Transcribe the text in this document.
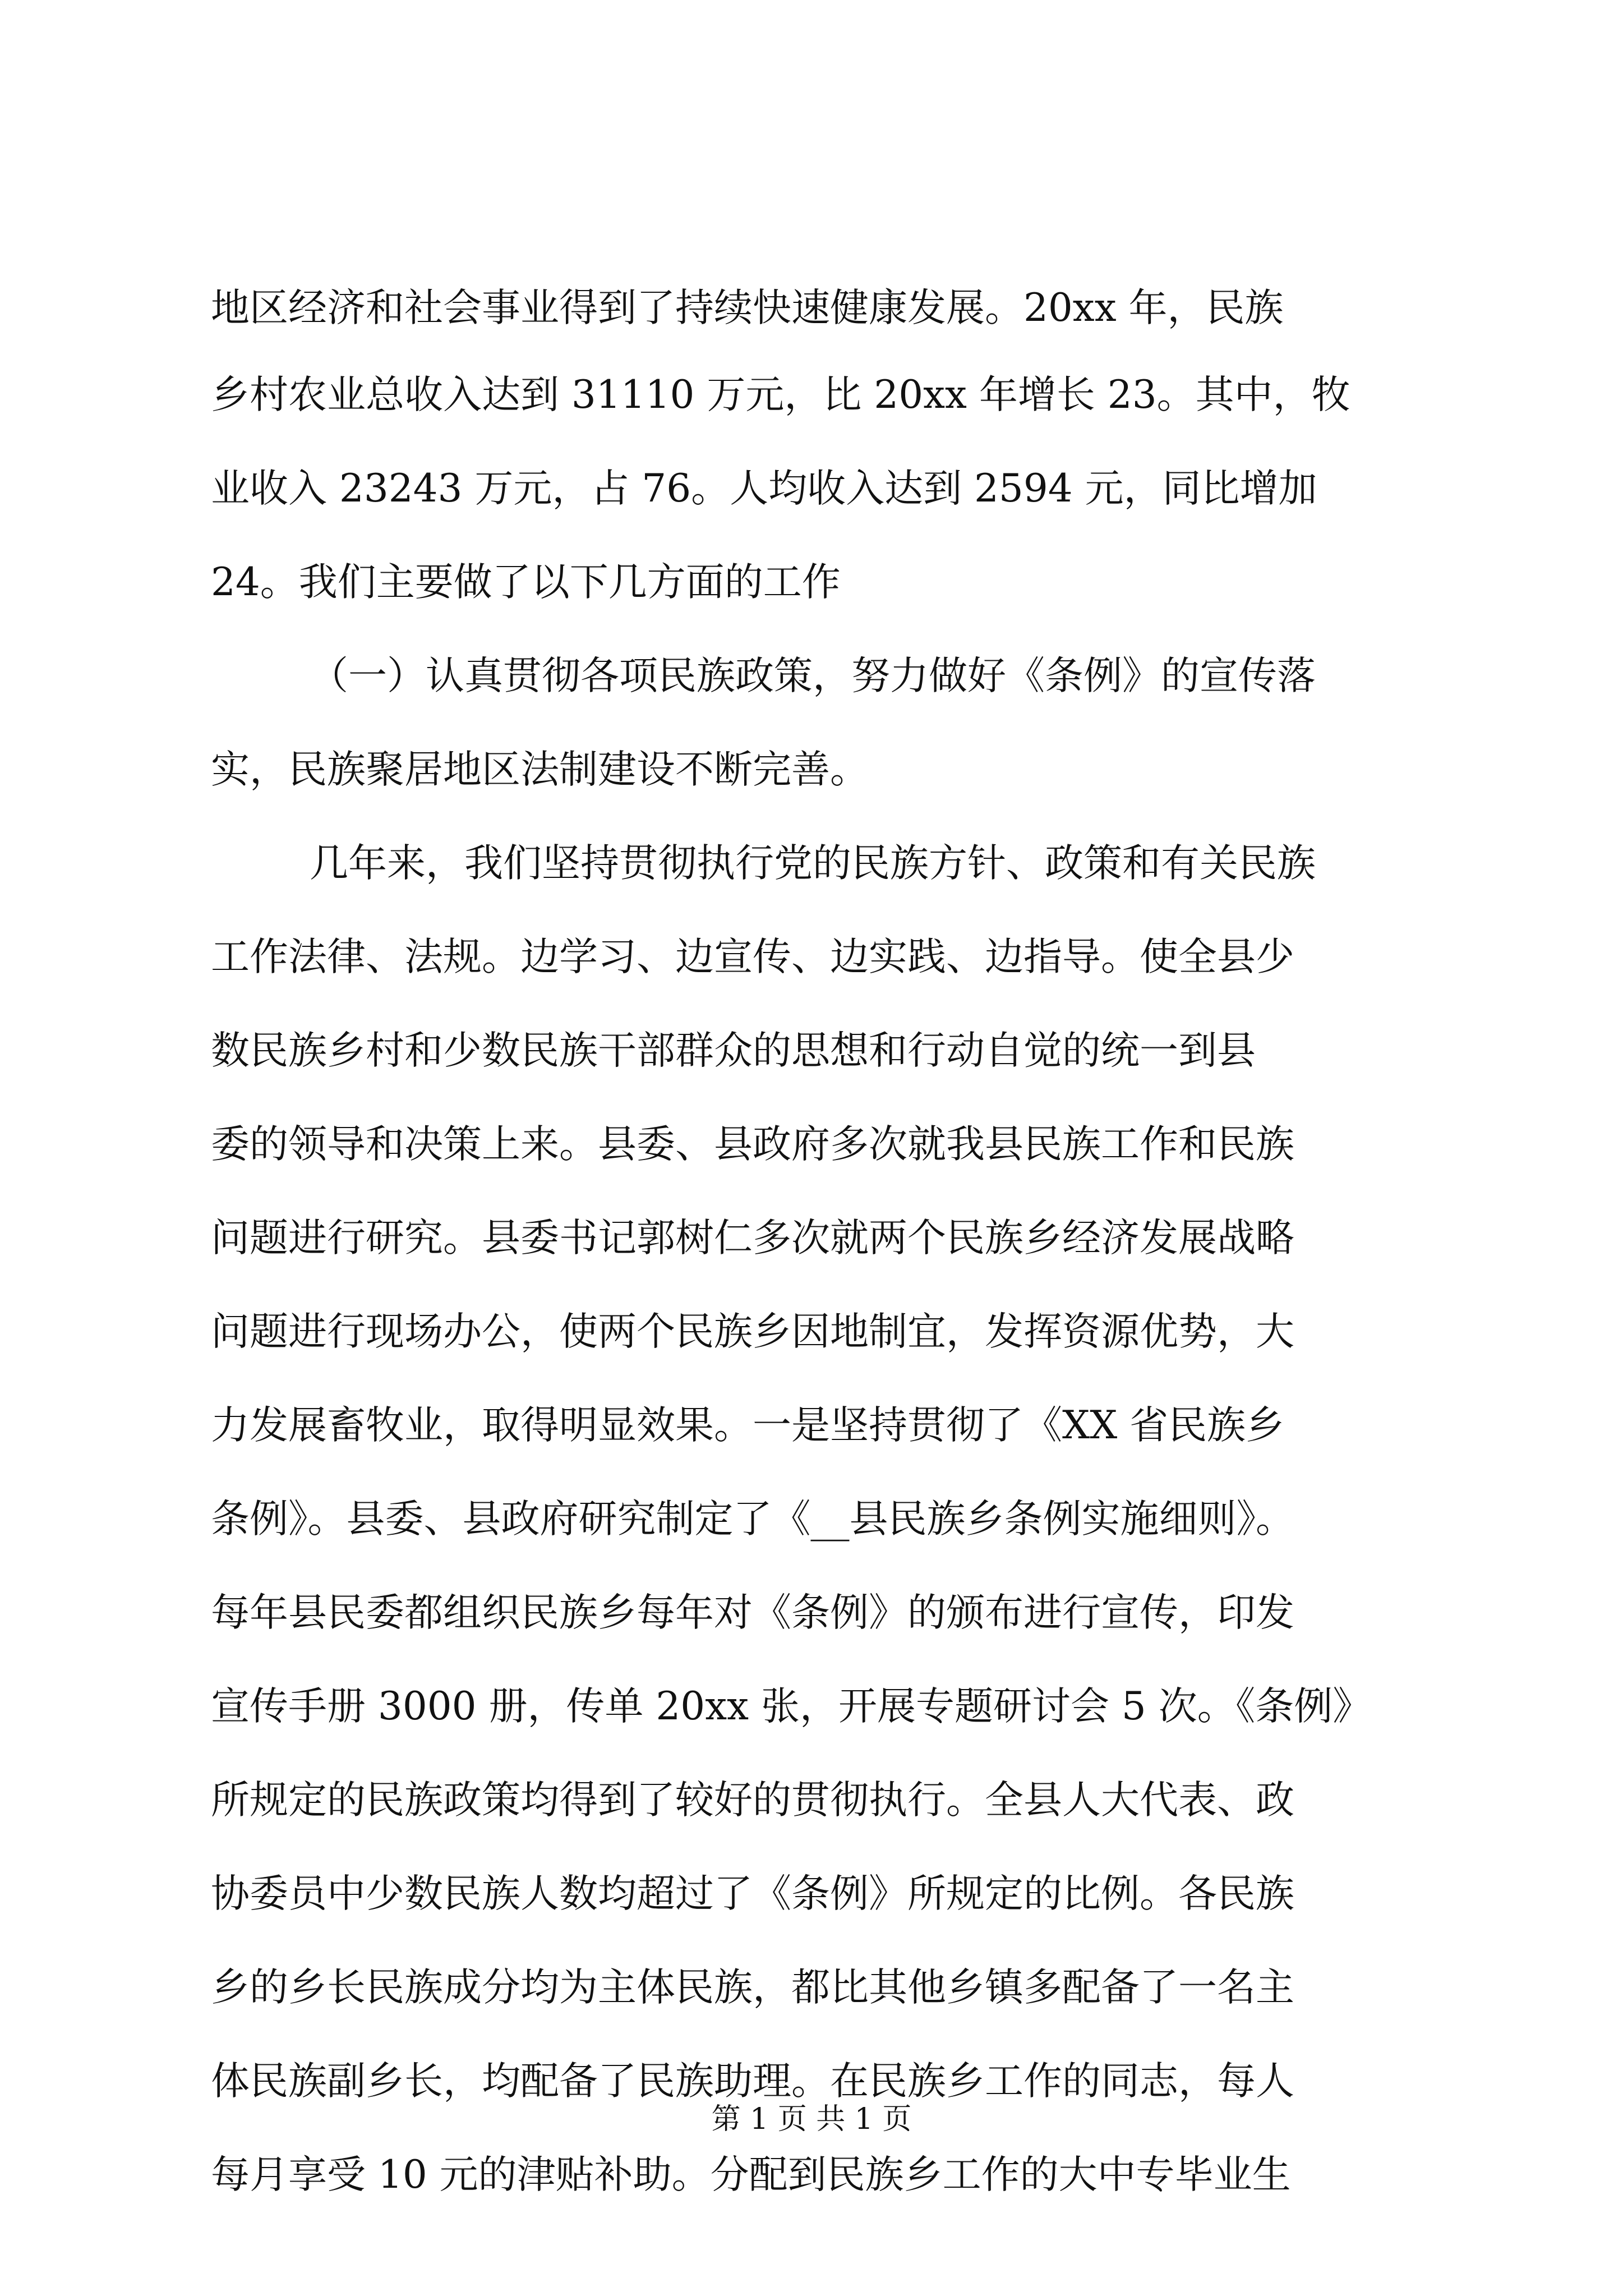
地区经济和社会事业得到了持续快速健康发展。20xx 年，民族
乡村农业总收入达到 31110 万元，比 20xx 年增长 23。其中，牧
业收入 23243 万元，占 76。人均收入达到 2594 元，同比增加
24。我们主要做了以下几方面的工作
（一）认真贯彻各项民族政策，努力做好《条例》的宣传落
实，民族聚居地区法制建设不断完善。
几年来，我们坚持贯彻执行党的民族方针、政策和有关民族
工作法律、法规。边学习、边宣传、边实践、边指导。使全县少
数民族乡村和少数民族干部群众的思想和行动自觉的统一到县
委的领导和决策上来。县委、县政府多次就我县民族工作和民族
问题进行研究。县委书记郭树仁多次就两个民族乡经济发展战略
问题进行现场办公，使两个民族乡因地制宜，发挥资源优势，大
力发展畜牧业，取得明显效果。一是坚持贯彻了《XX 省民族乡
条例》。县委、县政府研究制定了《__县民族乡条例实施细则》。
每年县民委都组织民族乡每年对《条例》的颁布进行宣传，印发
宣传手册 3000 册，传单 20xx 张，开展专题研讨会 5 次。《条例》
所规定的民族政策均得到了较好的贯彻执行。全县人大代表、政
协委员中少数民族人数均超过了《条例》所规定的比例。各民族
乡的乡长民族成分均为主体民族，都比其他乡镇多配备了一名主
体民族副乡长，均配备了民族助理。在民族乡工作的同志，每人
每月享受 10 元的津贴补助。分配到民族乡工作的大中专毕业生
第 1 页 共 1 页
